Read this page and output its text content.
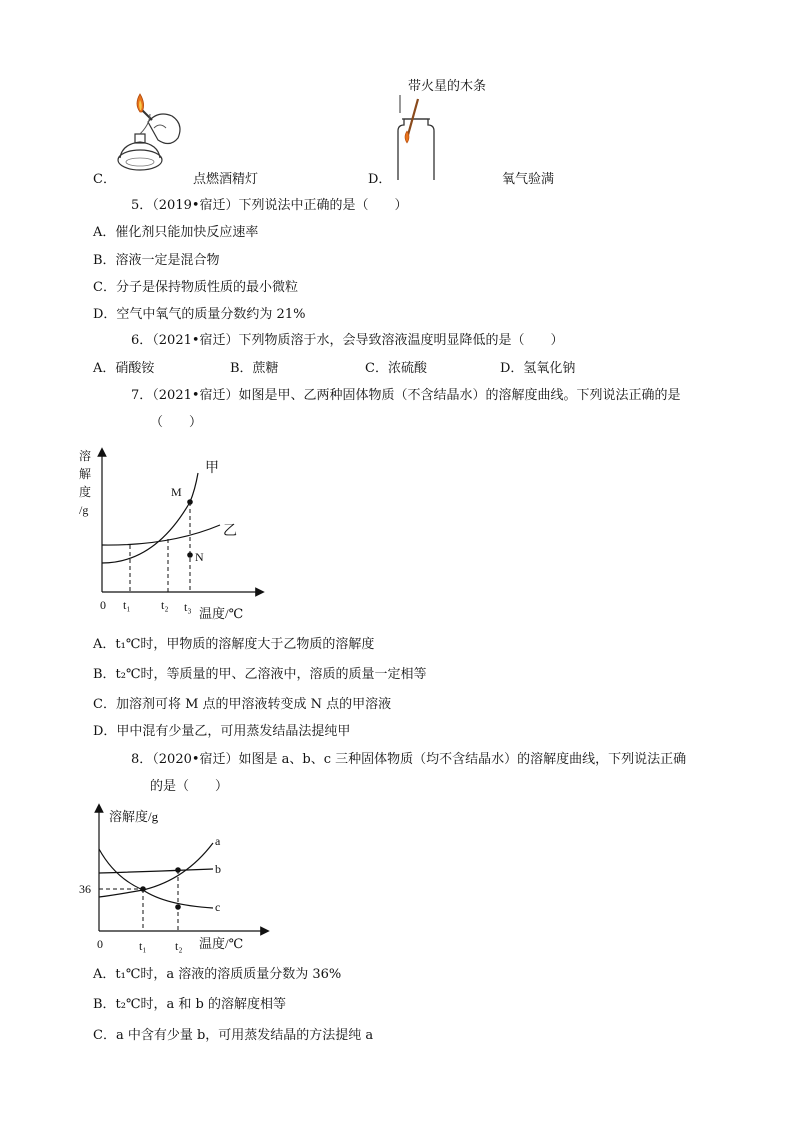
C．	点燃酒精灯	D．
带火星的木条
氧气验满
5．（2019•宿迁）下列说法中正确的是（　　）
A．催化剂只能加快反应速率
B．溶液一定是混合物
C．分子是保持物质性质的最小微粒
D．空气中氧气的质量分数约为 21%
6．（2021•宿迁）下列物质溶于水，会导致溶液温度明显降低的是（　　）
A．硝酸铵	B．蔗糖	C．浓硫酸	D．氢氧化钠
7．（2021•宿迁）如图是甲、乙两种固体物质（不含结晶水）的溶解度曲线。下列说法正确的是
（　　）
溶
解
度
/g
甲
乙
M
N
0 t₁	t₂ t₃ 温度/℃
A．t₁℃时，甲物质的溶解度大于乙物质的溶解度
B．t₂℃时，等质量的甲、乙溶液中，溶质的质量一定相等
C．加溶剂可将 M 点的甲溶液转变成 N 点的甲溶液
D．甲中混有少量乙，可用蒸发结晶法提纯甲
8．（2020•宿迁）如图是 a、b、c 三种固体物质（均不含结晶水）的溶解度曲线，下列说法正确
的是（　　）
溶解度/g
a
b
c
36
0	t₁ t₂ 温度/℃
A．t₁℃时，a 溶液的溶质质量分数为 36%
B．t₂℃时，a 和 b 的溶解度相等
C．a 中含有少量 b，可用蒸发结晶的方法提纯 a
